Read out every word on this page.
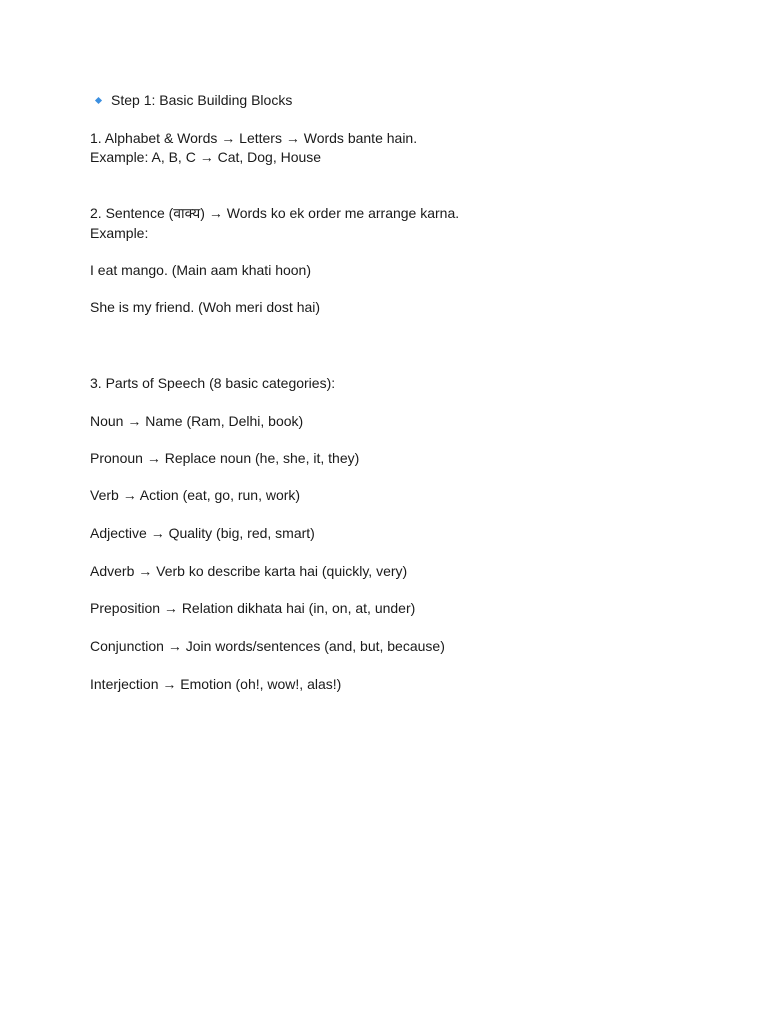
Step 1: Basic Building Blocks
1. Alphabet & Words → Letters → Words bante hain.
Example: A, B, C → Cat, Dog, House
2. Sentence (वाक्य) → Words ko ek order me arrange karna.
Example:
I eat mango. (Main aam khati hoon)
She is my friend. (Woh meri dost hai)
3. Parts of Speech (8 basic categories):
Noun → Name (Ram, Delhi, book)
Pronoun → Replace noun (he, she, it, they)
Verb → Action (eat, go, run, work)
Adjective → Quality (big, red, smart)
Adverb → Verb ko describe karta hai (quickly, very)
Preposition → Relation dikhata hai (in, on, at, under)
Conjunction → Join words/sentences (and, but, because)
Interjection → Emotion (oh!, wow!, alas!)
